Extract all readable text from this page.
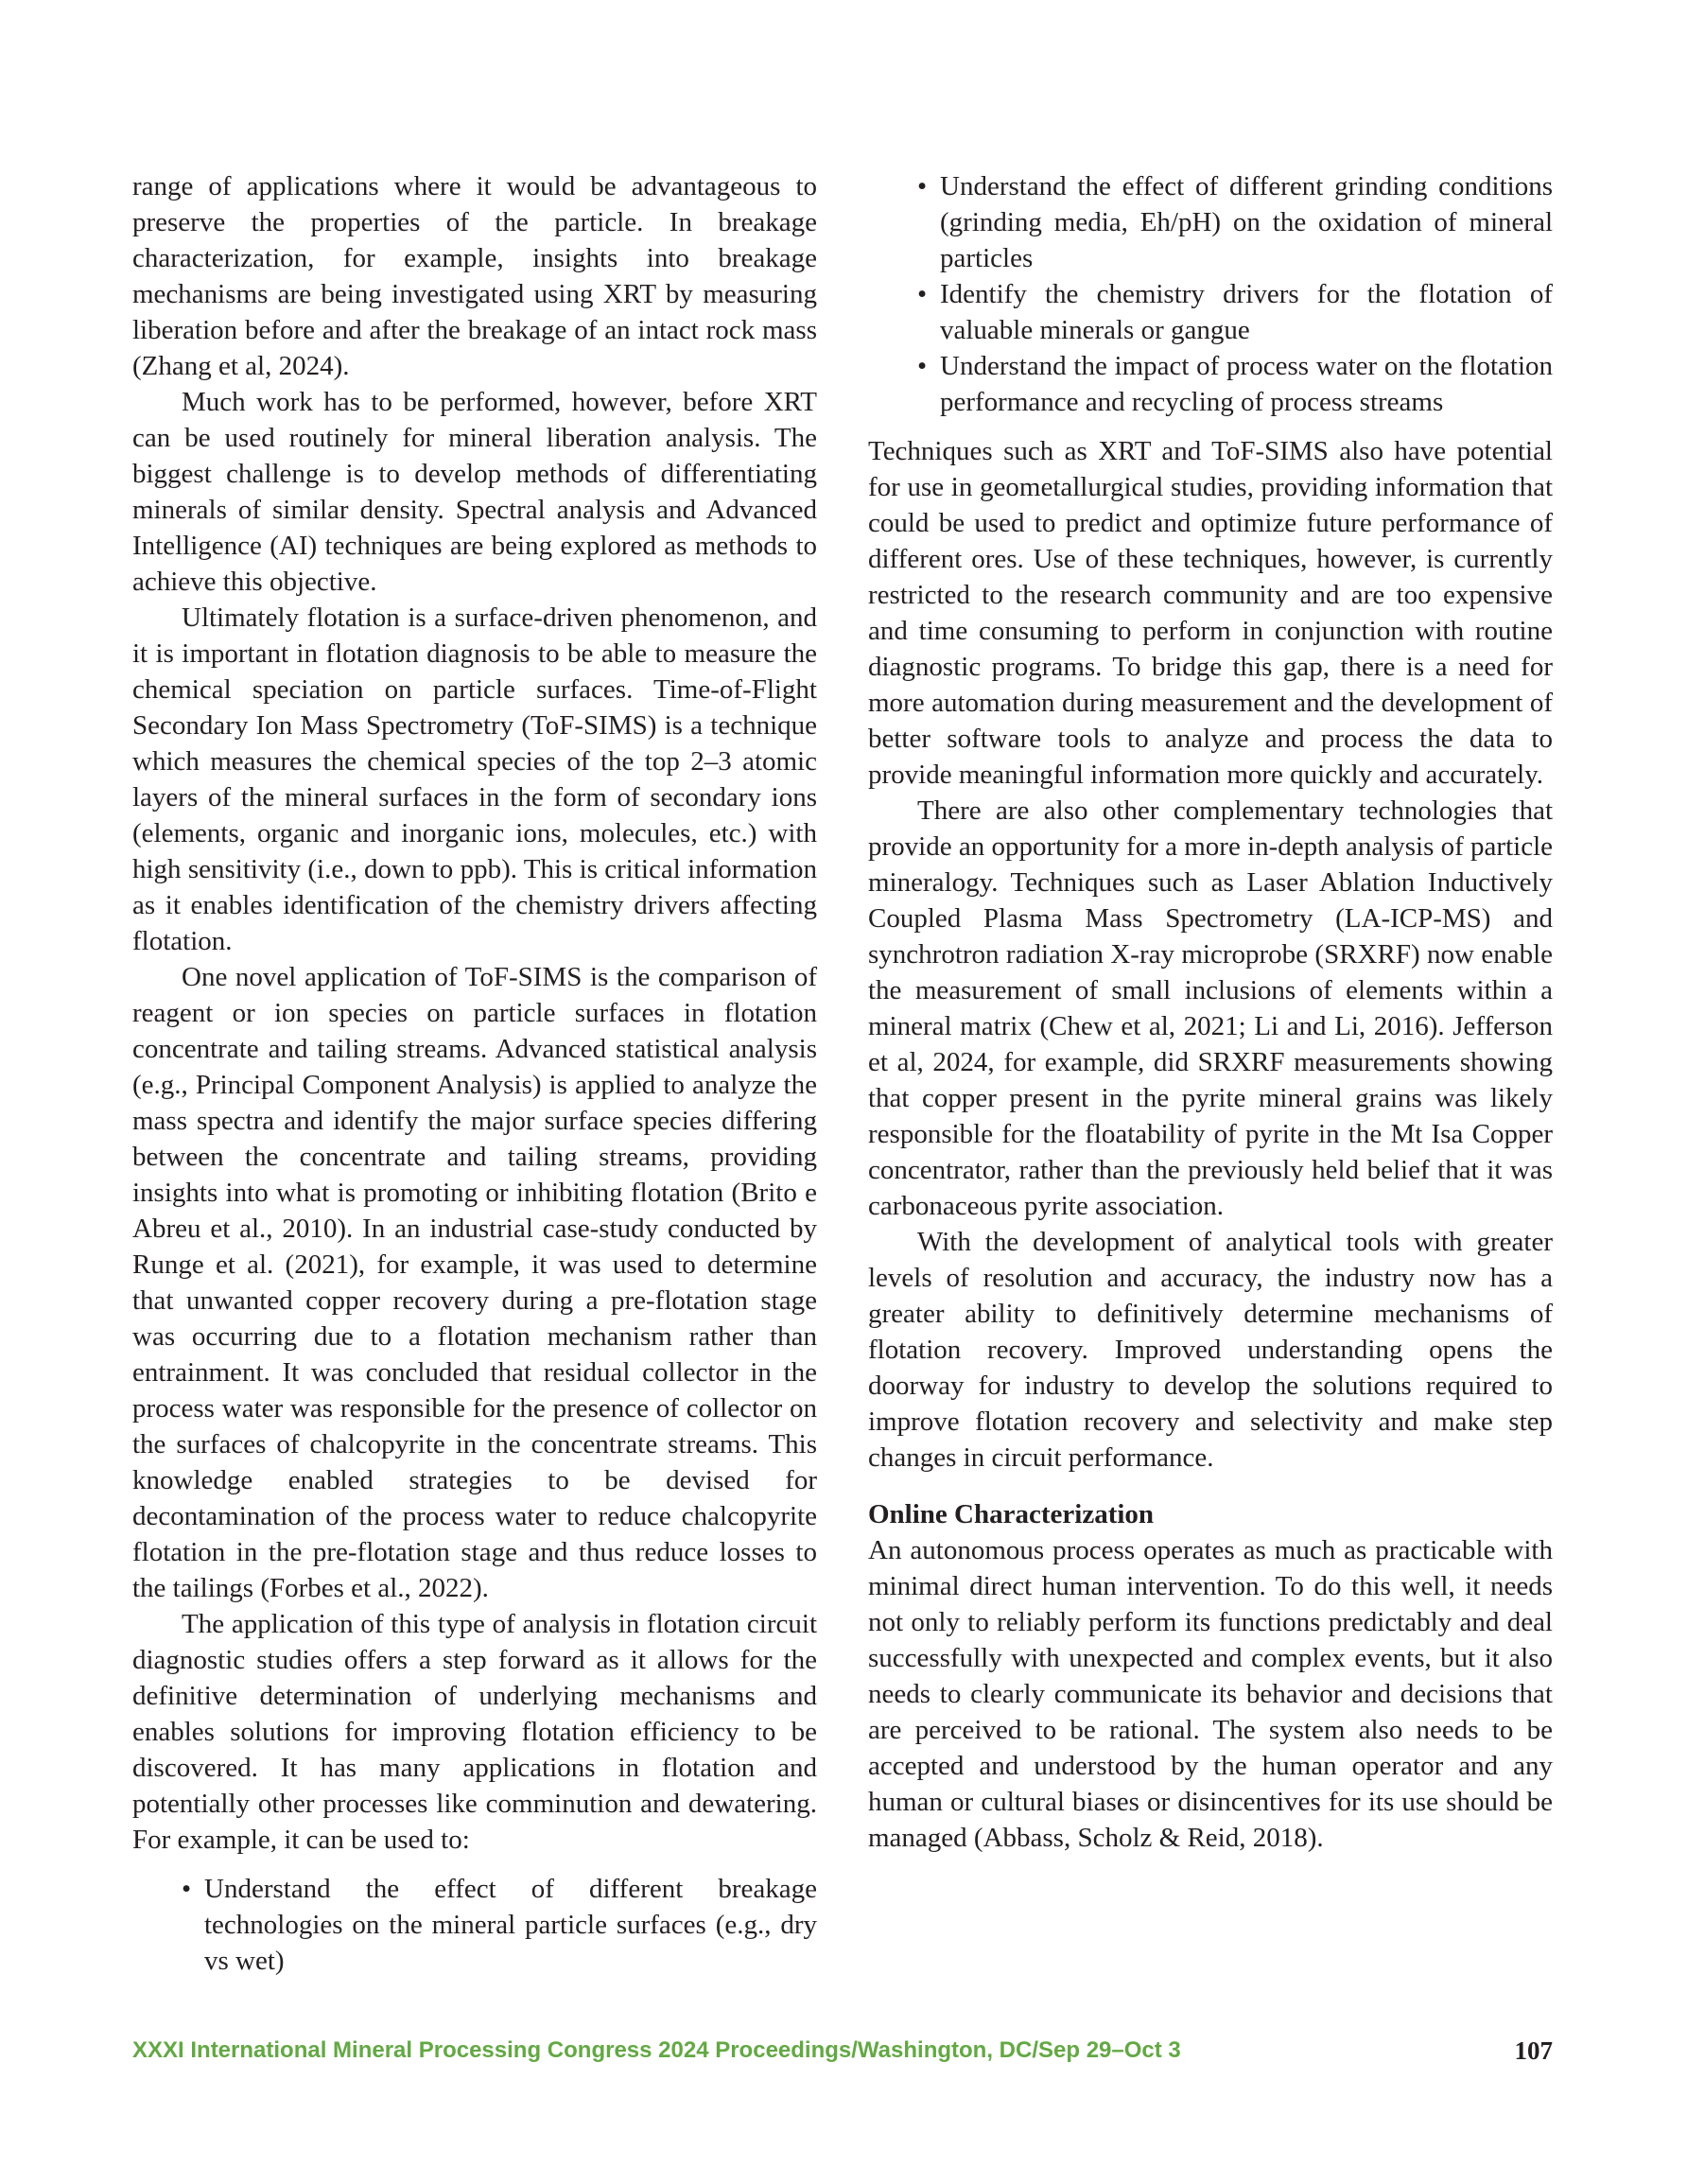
range of applications where it would be advantageous to preserve the properties of the particle. In breakage characterization, for example, insights into breakage mechanisms are being investigated using XRT by measuring liberation before and after the breakage of an intact rock mass (Zhang et al, 2024).

Much work has to be performed, however, before XRT can be used routinely for mineral liberation analysis. The biggest challenge is to develop methods of differentiating minerals of similar density. Spectral analysis and Advanced Intelligence (AI) techniques are being explored as methods to achieve this objective.

Ultimately flotation is a surface-driven phenomenon, and it is important in flotation diagnosis to be able to measure the chemical speciation on particle surfaces. Time-of-Flight Secondary Ion Mass Spectrometry (ToF-SIMS) is a technique which measures the chemical species of the top 2–3 atomic layers of the mineral surfaces in the form of secondary ions (elements, organic and inorganic ions, molecules, etc.) with high sensitivity (i.e., down to ppb). This is critical information as it enables identification of the chemistry drivers affecting flotation.

One novel application of ToF-SIMS is the comparison of reagent or ion species on particle surfaces in flotation concentrate and tailing streams. Advanced statistical analysis (e.g., Principal Component Analysis) is applied to analyze the mass spectra and identify the major surface species differing between the concentrate and tailing streams, providing insights into what is promoting or inhibiting flotation (Brito e Abreu et al., 2010). In an industrial case-study conducted by Runge et al. (2021), for example, it was used to determine that unwanted copper recovery during a pre-flotation stage was occurring due to a flotation mechanism rather than entrainment. It was concluded that residual collector in the process water was responsible for the presence of collector on the surfaces of chalcopyrite in the concentrate streams. This knowledge enabled strategies to be devised for decontamination of the process water to reduce chalcopyrite flotation in the pre-flotation stage and thus reduce losses to the tailings (Forbes et al., 2022).

The application of this type of analysis in flotation circuit diagnostic studies offers a step forward as it allows for the definitive determination of underlying mechanisms and enables solutions for improving flotation efficiency to be discovered. It has many applications in flotation and potentially other processes like comminution and dewatering. For example, it can be used to:

• Understand the effect of different breakage technologies on the mineral particle surfaces (e.g., dry vs wet)
• Understand the effect of different grinding conditions (grinding media, Eh/pH) on the oxidation of mineral particles
• Identify the chemistry drivers for the flotation of valuable minerals or gangue
• Understand the impact of process water on the flotation performance and recycling of process streams

Techniques such as XRT and ToF-SIMS also have potential for use in geometallurgical studies, providing information that could be used to predict and optimize future performance of different ores. Use of these techniques, however, is currently restricted to the research community and are too expensive and time consuming to perform in conjunction with routine diagnostic programs. To bridge this gap, there is a need for more automation during measurement and the development of better software tools to analyze and process the data to provide meaningful information more quickly and accurately.

There are also other complementary technologies that provide an opportunity for a more in-depth analysis of particle mineralogy. Techniques such as Laser Ablation Inductively Coupled Plasma Mass Spectrometry (LA-ICP-MS) and synchrotron radiation X-ray microprobe (SRXRF) now enable the measurement of small inclusions of elements within a mineral matrix (Chew et al, 2021; Li and Li, 2016). Jefferson et al, 2024, for example, did SRXRF measurements showing that copper present in the pyrite mineral grains was likely responsible for the floatability of pyrite in the Mt Isa Copper concentrator, rather than the previously held belief that it was carbonaceous pyrite association.

With the development of analytical tools with greater levels of resolution and accuracy, the industry now has a greater ability to definitively determine mechanisms of flotation recovery. Improved understanding opens the doorway for industry to develop the solutions required to improve flotation recovery and selectivity and make step changes in circuit performance.

Online Characterization

An autonomous process operates as much as practicable with minimal direct human intervention. To do this well, it needs not only to reliably perform its functions predictably and deal successfully with unexpected and complex events, but it also needs to clearly communicate its behavior and decisions that are perceived to be rational. The system also needs to be accepted and understood by the human operator and any human or cultural biases or disincentives for its use should be managed (Abbass, Scholz & Reid, 2018).

XXXI International Mineral Processing Congress 2024 Proceedings/Washington, DC/Sep 29–Oct 3	107
